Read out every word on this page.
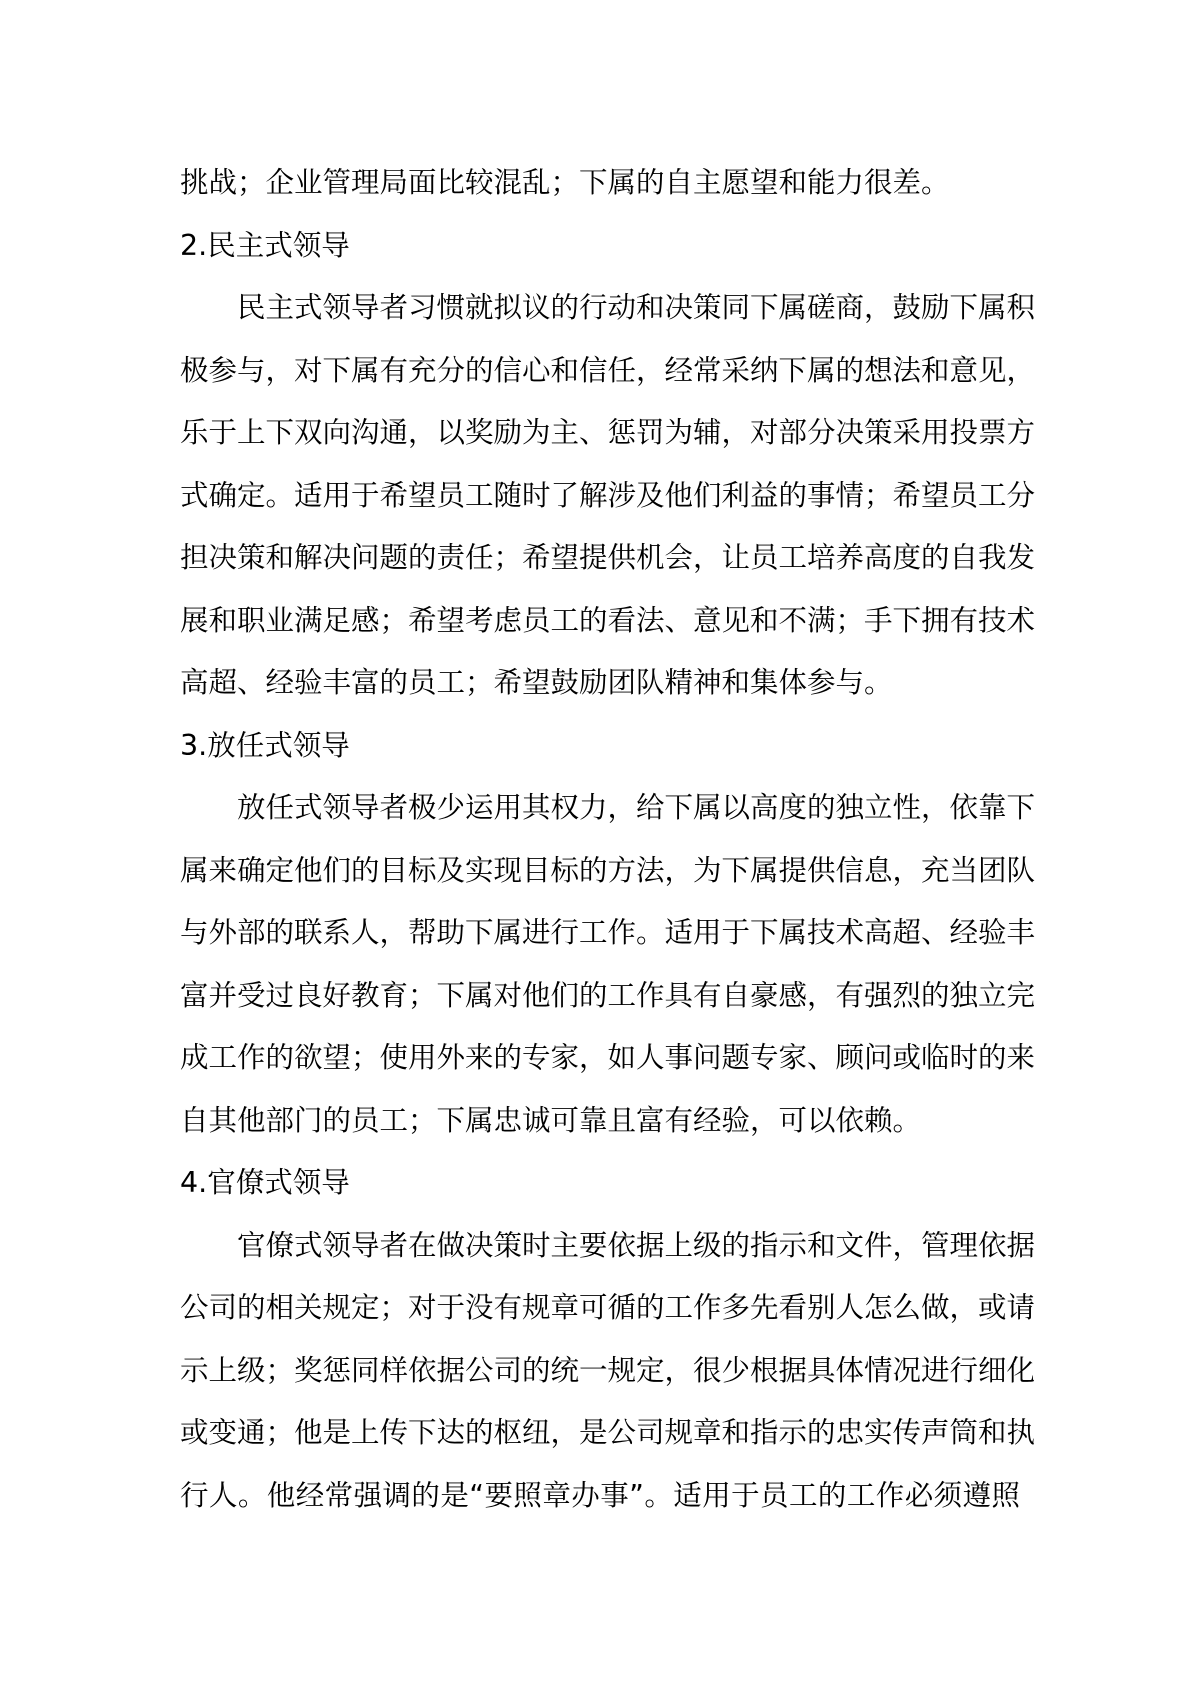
挑战；企业管理局面比较混乱；下属的自主愿望和能力很差。
2.民主式领导
民主式领导者习惯就拟议的行动和决策同下属磋商，鼓励下属积
极参与，对下属有充分的信心和信任，经常采纳下属的想法和意见，
乐于上下双向沟通，以奖励为主、惩罚为辅，对部分决策采用投票方
式确定。适用于希望员工随时了解涉及他们利益的事情；希望员工分
担决策和解决问题的责任；希望提供机会，让员工培养高度的自我发
展和职业满足感；希望考虑员工的看法、意见和不满；手下拥有技术
高超、经验丰富的员工；希望鼓励团队精神和集体参与。
3.放任式领导
放任式领导者极少运用其权力，给下属以高度的独立性，依靠下
属来确定他们的目标及实现目标的方法，为下属提供信息，充当团队
与外部的联系人，帮助下属进行工作。适用于下属技术高超、经验丰
富并受过良好教育；下属对他们的工作具有自豪感，有强烈的独立完
成工作的欲望；使用外来的专家，如人事问题专家、顾问或临时的来
自其他部门的员工；下属忠诚可靠且富有经验，可以依赖。
4.官僚式领导
官僚式领导者在做决策时主要依据上级的指示和文件，管理依据
公司的相关规定；对于没有规章可循的工作多先看别人怎么做，或请
示上级；奖惩同样依据公司的统一规定，很少根据具体情况进行细化
或变通；他是上传下达的枢纽，是公司规章和指示的忠实传声筒和执
行人。他经常强调的是“要照章办事”。适用于员工的工作必须遵照
